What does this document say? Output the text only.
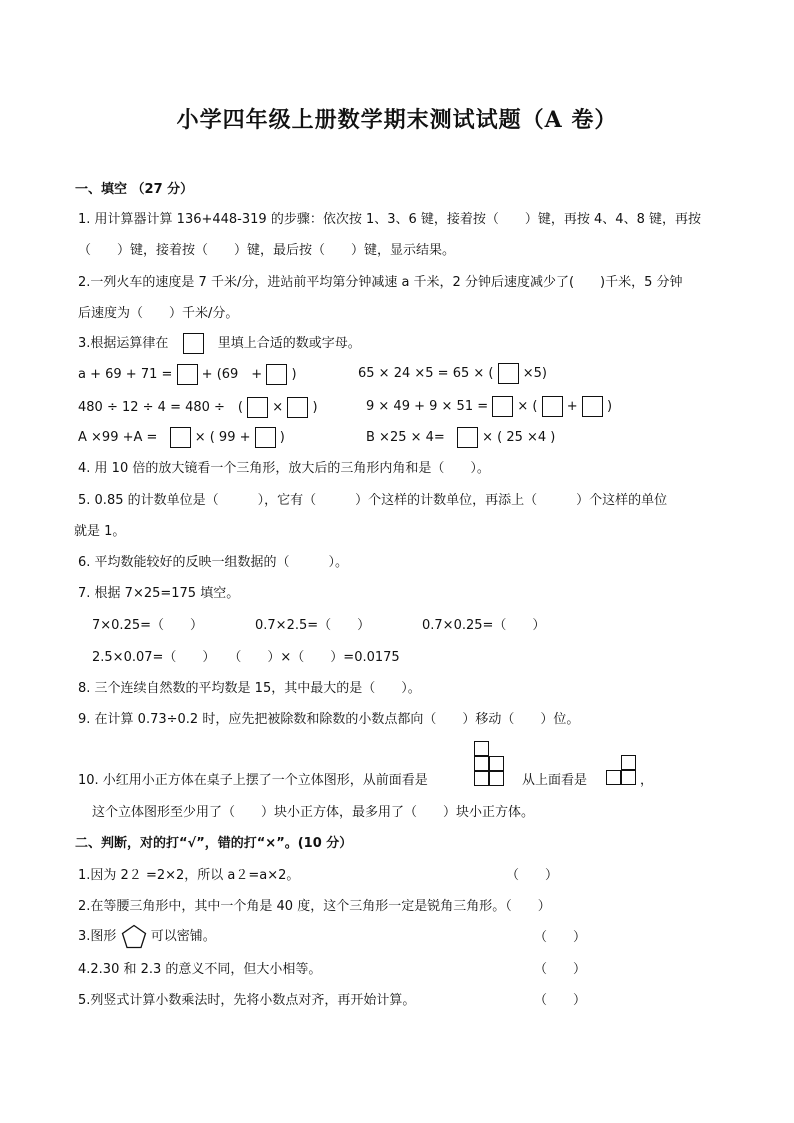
小学四年级上册数学期末测试试题（A 卷）
一、填空 （27 分）
1. 用计算器计算 136+448-319 的步骤：依次按 1、3、6 键，接着按（　　）键，再按 4、4、8 键，再按
（　　）键，接着按（　　）键，最后按（　　）键，显示结果。
2.一列火车的速度是 7 千米/分，进站前平均第分钟减速 a 千米，2 分钟后速度减少了(　　)千米，5 分钟
后速度为（　　）千米/分。
3.根据运算律在	里填上合适的数或字母。
a + 69 + 71 = + (69　+ )	65 × 24 ×5 = 65 × ( ×5)
480 ÷ 12 ÷ 4 = 480 ÷　( × )	9 × 49 + 9 × 51 = × ( + )
A ×99 +A =	× ( 99 + )	B ×25 × 4=	× ( 25 ×4 )
4. 用 10 倍的放大镜看一个三角形，放大后的三角形内角和是（　　）。
5. 0.85 的计数单位是（　　　），它有（　　　）个这样的计数单位，再添上（　　　）个这样的单位
就是 1。
6. 平均数能较好的反映一组数据的（　　　）。
7. 根据 7×25=175 填空。
7×0.25=（　　）	0.7×2.5=（　　）	0.7×0.25=（　　）
2.5×0.07=（　　）　　（　　）×（　　）=0.0175
8. 三个连续自然数的平均数是 15，其中最大的是（　　）。
9. 在计算 0.73÷0.2 时，应先把被除数和除数的小数点都向（　　）移动（　　）位。
10. 小红用小正方体在桌子上摆了一个立体图形，从前面看是	从上面看是	，
这个立体图形至少用了（　　）块小正方体，最多用了（　　）块小正方体。
二、判断，对的打“√”，错的打“×”。(10 分）
1.因为 2２ =2×2，所以 a２=a×2。	（　　）
2.在等腰三角形中，其中一个角是 40 度，这个三角形一定是锐角三角形。（　　）
3.图形	可以密铺。	（　　）
4.2.30 和 2.3 的意义不同，但大小相等。	（　　）
5.列竖式计算小数乘法时，先将小数点对齐，再开始计算。	（　　）
